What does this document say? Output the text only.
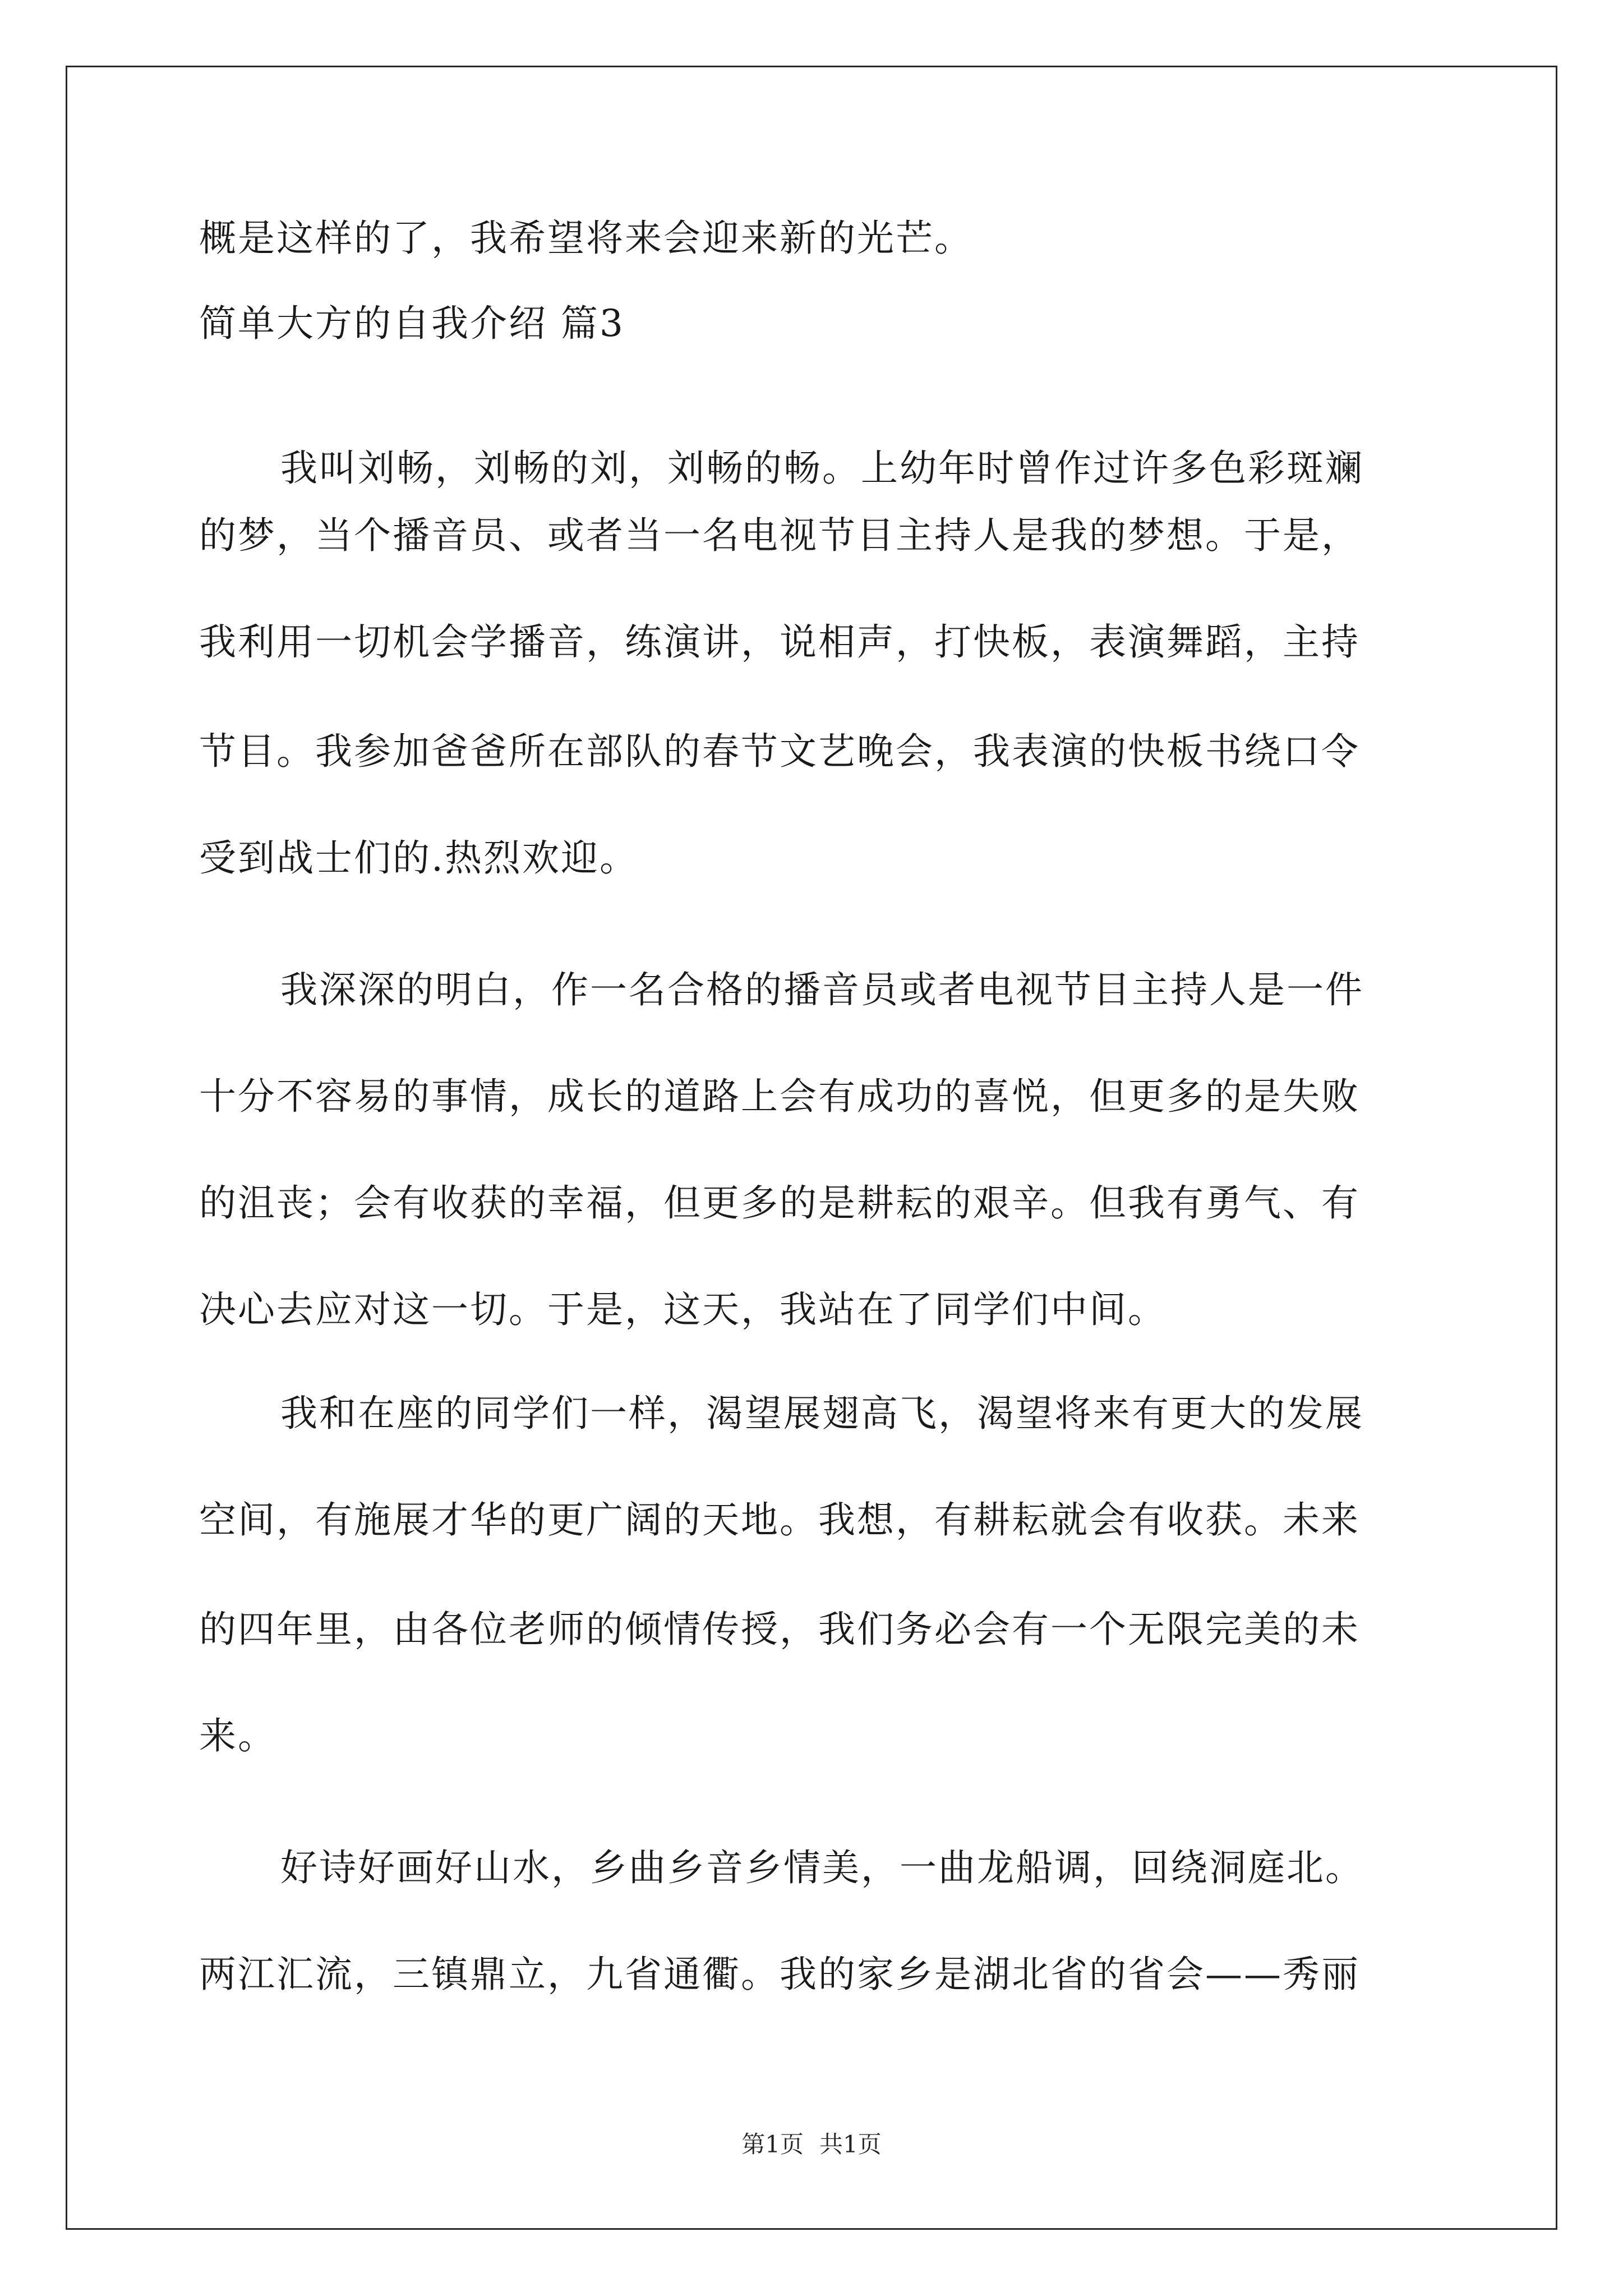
概是这样的了，我希望将来会迎来新的光芒。
简单大方的自我介绍 篇3
我叫刘畅，刘畅的刘，刘畅的畅。上幼年时曾作过许多色彩斑斓
的梦，当个播音员、或者当一名电视节目主持人是我的梦想。于是，
我利用一切机会学播音，练演讲，说相声，打快板，表演舞蹈，主持
节目。我参加爸爸所在部队的春节文艺晚会，我表演的快板书绕口令
受到战士们的.热烈欢迎。
我深深的明白，作一名合格的播音员或者电视节目主持人是一件
十分不容易的事情，成长的道路上会有成功的喜悦，但更多的是失败
的沮丧；会有收获的幸福，但更多的是耕耘的艰辛。但我有勇气、有
决心去应对这一切。于是，这天，我站在了同学们中间。
我和在座的同学们一样，渴望展翅高飞，渴望将来有更大的发展
空间，有施展才华的更广阔的天地。我想，有耕耘就会有收获。未来
的四年里，由各位老师的倾情传授，我们务必会有一个无限完美的未
来。
好诗好画好山水，乡曲乡音乡情美，一曲龙船调，回绕洞庭北。
两江汇流，三镇鼎立，九省通衢。我的家乡是湖北省的省会——秀丽
第1页 共1页
